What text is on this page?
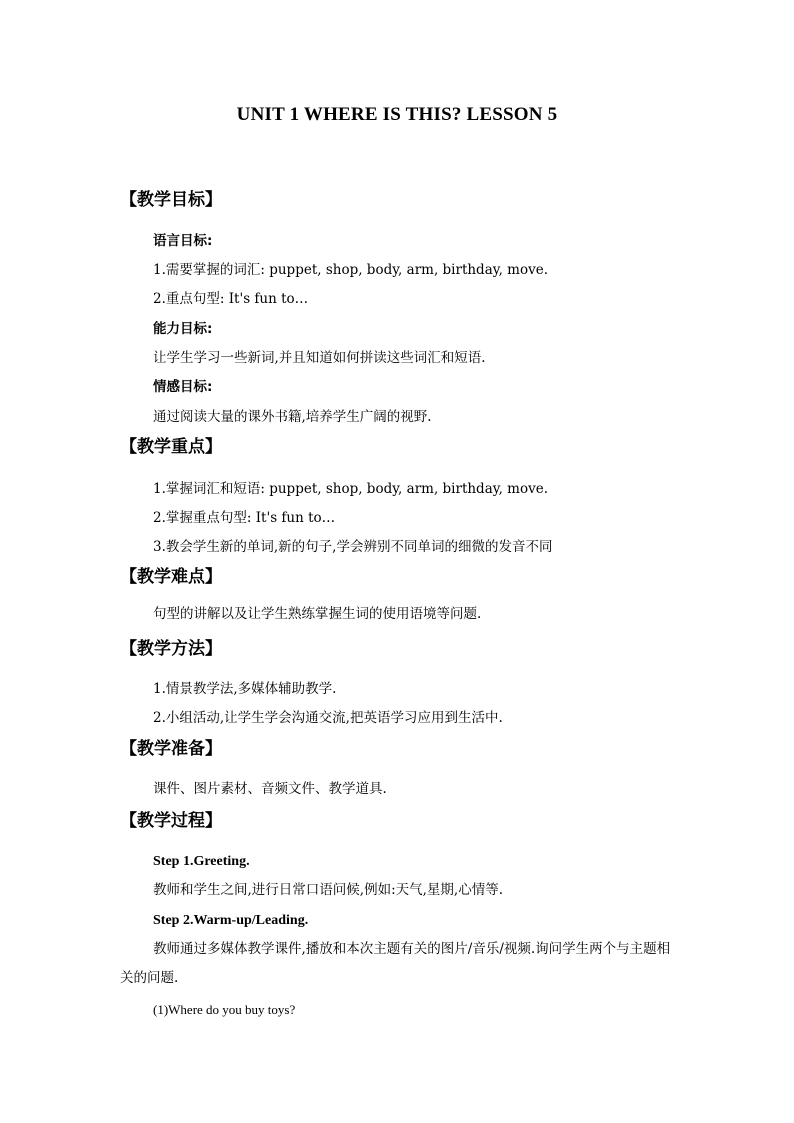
UNIT 1 WHERE IS THIS? LESSON 5
【教学目标】
语言目标:
1.需要掌握的词汇: puppet, shop, body, arm, birthday, move.
2.重点句型: It's fun to…
能力目标:
让学生学习一些新词,并且知道如何拼读这些词汇和短语.
情感目标:
通过阅读大量的课外书籍,培养学生广阔的视野.
【教学重点】
1.掌握词汇和短语: puppet, shop, body, arm, birthday, move.
2.掌握重点句型: It's fun to…
3.教会学生新的单词,新的句子,学会辨别不同单词的细微的发音不同
【教学难点】
句型的讲解以及让学生熟练掌握生词的使用语境等问题.
【教学方法】
1.情景教学法,多媒体辅助教学.
2.小组活动,让学生学会沟通交流,把英语学习应用到生活中.
【教学准备】
课件、图片素材、音频文件、教学道具.
【教学过程】
Step 1.Greeting.
教师和学生之间,进行日常口语问候,例如:天气,星期,心情等.
Step 2.Warm-up/Leading.
教师通过多媒体教学课件,播放和本次主题有关的图片/音乐/视频.询问学生两个与主题相关的问题.
(1)Where do you buy toys?
